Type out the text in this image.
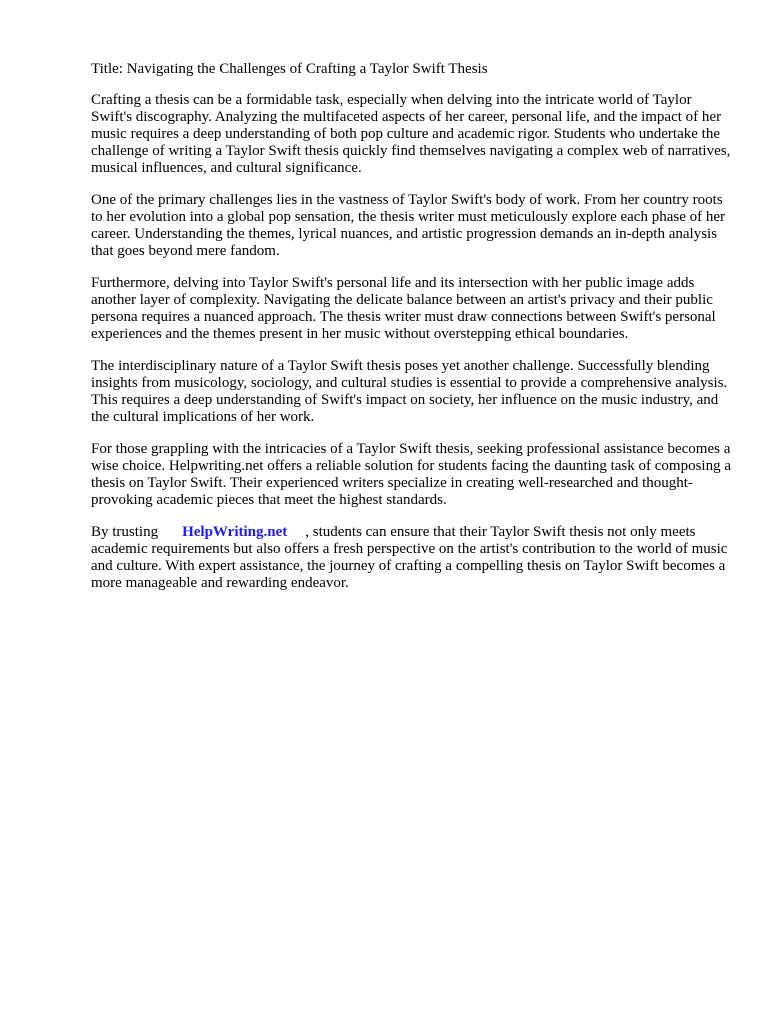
Title: Navigating the Challenges of Crafting a Taylor Swift Thesis

Crafting a thesis can be a formidable task, especially when delving into the intricate world of Taylor Swift's discography. Analyzing the multifaceted aspects of her career, personal life, and the impact of her music requires a deep understanding of both pop culture and academic rigor. Students who undertake the challenge of writing a Taylor Swift thesis quickly find themselves navigating a complex web of narratives, musical influences, and cultural significance.

One of the primary challenges lies in the vastness of Taylor Swift's body of work. From her country roots to her evolution into a global pop sensation, the thesis writer must meticulously explore each phase of her career. Understanding the themes, lyrical nuances, and artistic progression demands an in-depth analysis that goes beyond mere fandom.

Furthermore, delving into Taylor Swift's personal life and its intersection with her public image adds another layer of complexity. Navigating the delicate balance between an artist's privacy and their public persona requires a nuanced approach. The thesis writer must draw connections between Swift's personal experiences and the themes present in her music without overstepping ethical boundaries.

The interdisciplinary nature of a Taylor Swift thesis poses yet another challenge. Successfully blending insights from musicology, sociology, and cultural studies is essential to provide a comprehensive analysis. This requires a deep understanding of Swift's impact on society, her influence on the music industry, and the cultural implications of her work.

For those grappling with the intricacies of a Taylor Swift thesis, seeking professional assistance becomes a wise choice. Helpwriting.net offers a reliable solution for students facing the daunting task of composing a thesis on Taylor Swift. Their experienced writers specialize in creating well-researched and thought-provoking academic pieces that meet the highest standards.

By trusting HelpWriting.net , students can ensure that their Taylor Swift thesis not only meets academic requirements but also offers a fresh perspective on the artist's contribution to the world of music and culture. With expert assistance, the journey of crafting a compelling thesis on Taylor Swift becomes a more manageable and rewarding endeavor.
